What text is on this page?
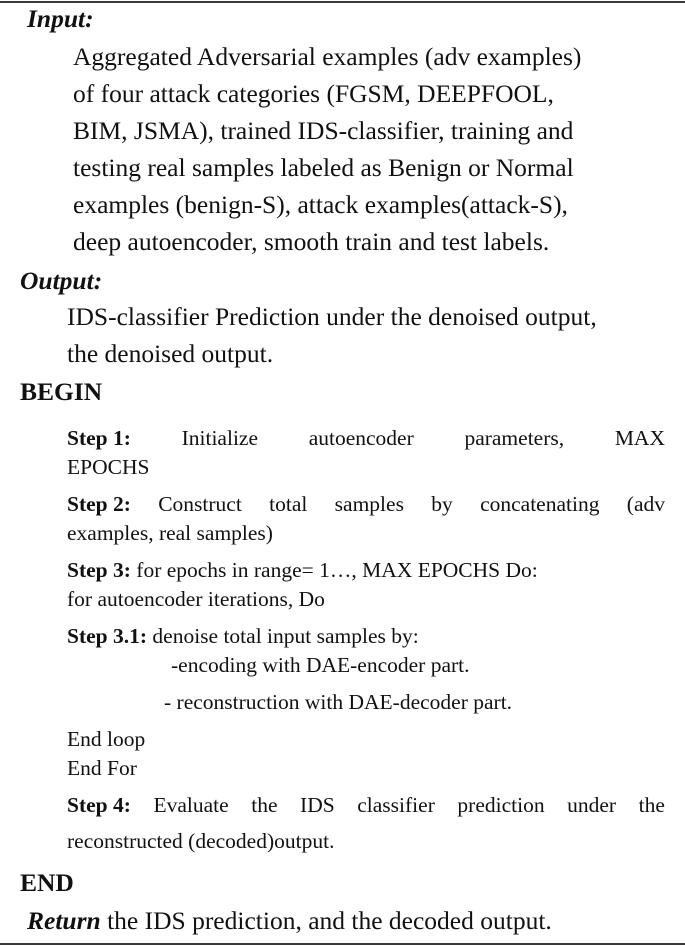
Input:
Aggregated Adversarial examples (adv examples)
of four attack categories (FGSM, DEEPFOOL,
BIM, JSMA), trained IDS-classifier, training and
testing real samples labeled as Benign or Normal
examples (benign-S), attack examples(attack-S),
deep autoencoder, smooth train and test labels.
Output:
IDS-classifier Prediction under the denoised output,
the denoised output.
BEGIN
Step 1: Initialize autoencoder parameters, MAX
EPOCHS
Step 2: Construct total samples by concatenating (adv
examples, real samples)
Step 3: for epochs in range= 1…, MAX EPOCHS Do:
for autoencoder iterations, Do
Step 3.1: denoise total input samples by:
-encoding with DAE-encoder part.
- reconstruction with DAE-decoder part.
End loop
End For
Step 4: Evaluate the IDS classifier prediction under the
reconstructed (decoded)output.
END
Return the IDS prediction, and the decoded output.
